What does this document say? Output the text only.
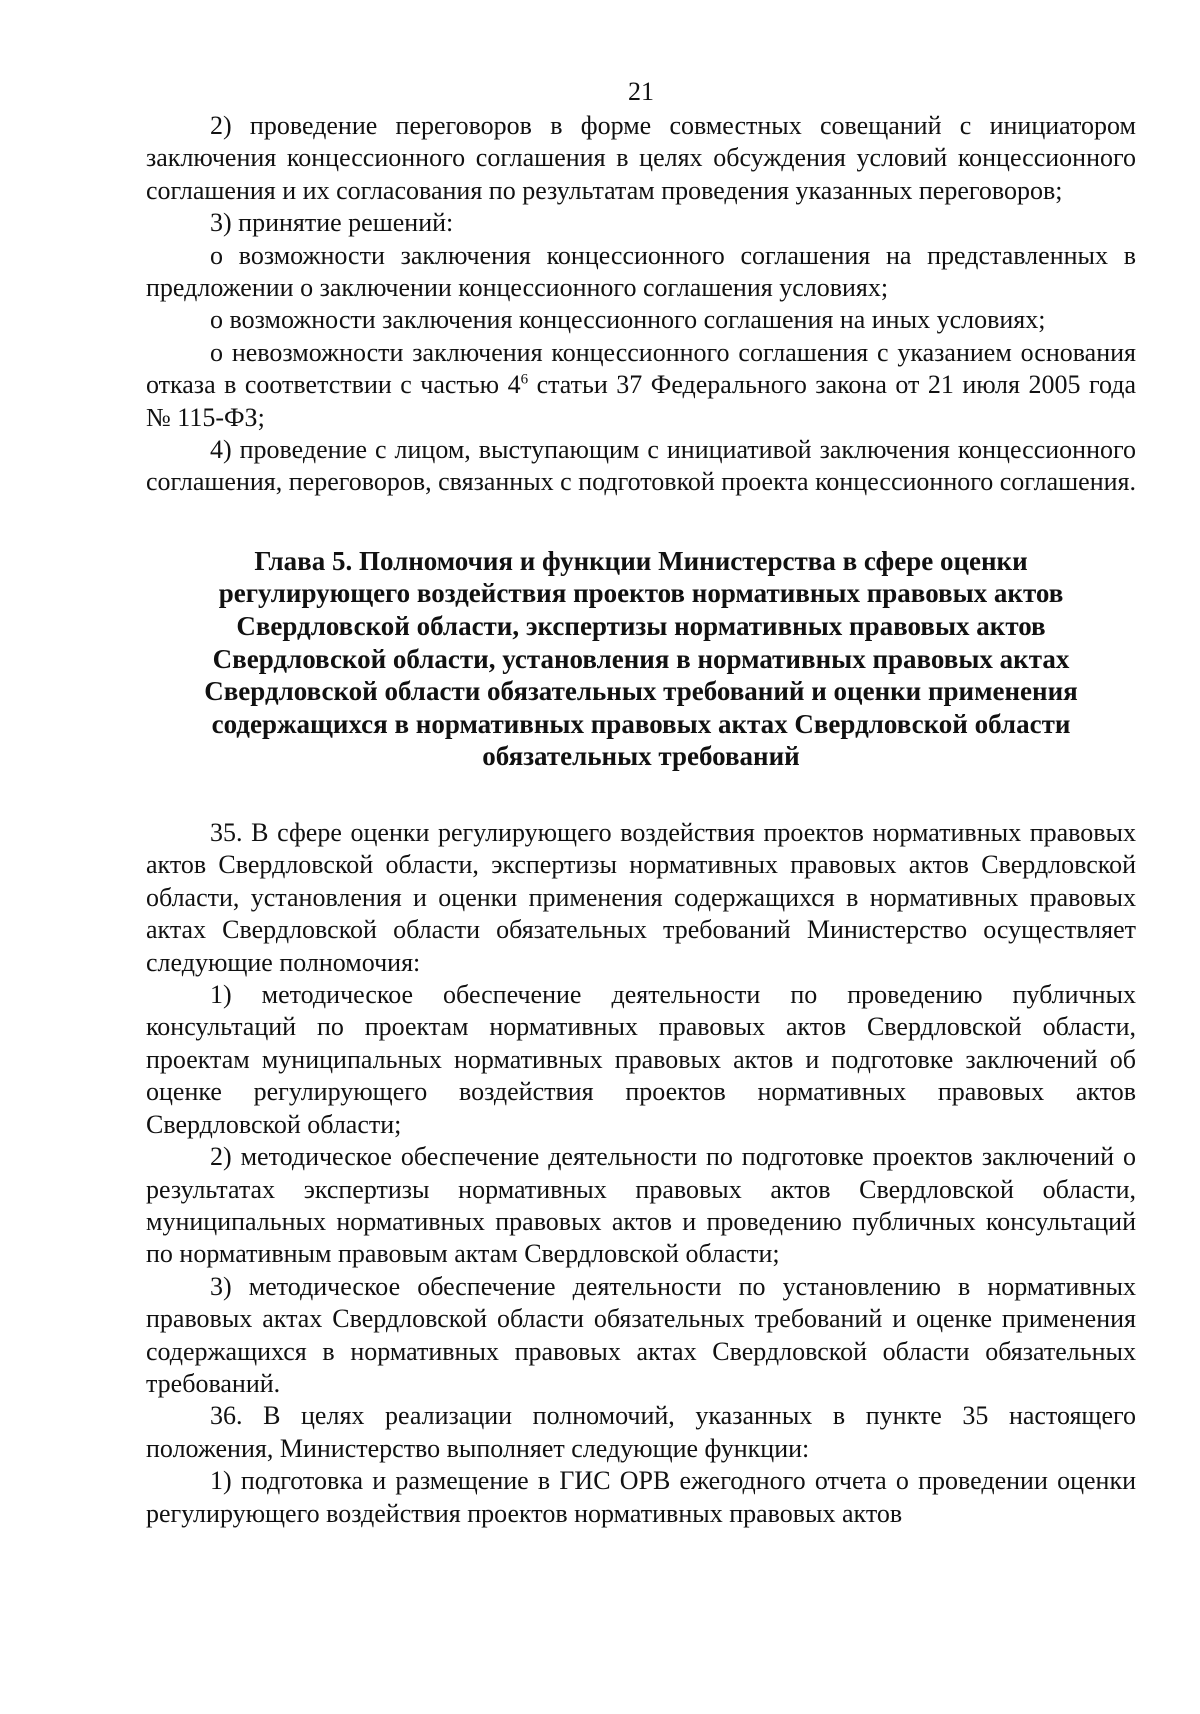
21

2) проведение переговоров в форме совместных совещаний с инициатором заключения концессионного соглашения в целях обсуждения условий концессионного соглашения и их согласования по результатам проведения указанных переговоров;

3) принятие решений:

о возможности заключения концессионного соглашения на представленных в предложении о заключении концессионного соглашения условиях;

о возможности заключения концессионного соглашения на иных условиях;

о невозможности заключения концессионного соглашения с указанием основания отказа в соответствии с частью $4^6$ статьи 37 Федерального закона от 21 июля 2005 года № 115-ФЗ;

4) проведение с лицом, выступающим с инициативой заключения концессионного соглашения, переговоров, связанных с подготовкой проекта концессионного соглашения.

Глава 5. Полномочия и функции Министерства в сфере оценки регулирующего воздействия проектов нормативных правовых актов Свердловской области, экспертизы нормативных правовых актов Свердловской области, установления в нормативных правовых актах Свердловской области обязательных требований и оценки применения содержащихся в нормативных правовых актах Свердловской области обязательных требований

35. В сфере оценки регулирующего воздействия проектов нормативных правовых актов Свердловской области, экспертизы нормативных правовых актов Свердловской области, установления и оценки применения содержащихся в нормативных правовых актах Свердловской области обязательных требований Министерство осуществляет следующие полномочия:

1) методическое обеспечение деятельности по проведению публичных консультаций по проектам нормативных правовых актов Свердловской области, проектам муниципальных нормативных правовых актов и подготовке заключений об оценке регулирующего воздействия проектов нормативных правовых актов Свердловской области;

2) методическое обеспечение деятельности по подготовке проектов заключений о результатах экспертизы нормативных правовых актов Свердловской области, муниципальных нормативных правовых актов и проведению публичных консультаций по нормативным правовым актам Свердловской области;

3) методическое обеспечение деятельности по установлению в нормативных правовых актах Свердловской области обязательных требований и оценке применения содержащихся в нормативных правовых актах Свердловской области обязательных требований.

36. В целях реализации полномочий, указанных в пункте 35 настоящего положения, Министерство выполняет следующие функции:

1) подготовка и размещение в ГИС ОРВ ежегодного отчета о проведении оценки регулирующего воздействия проектов нормативных правовых актов
